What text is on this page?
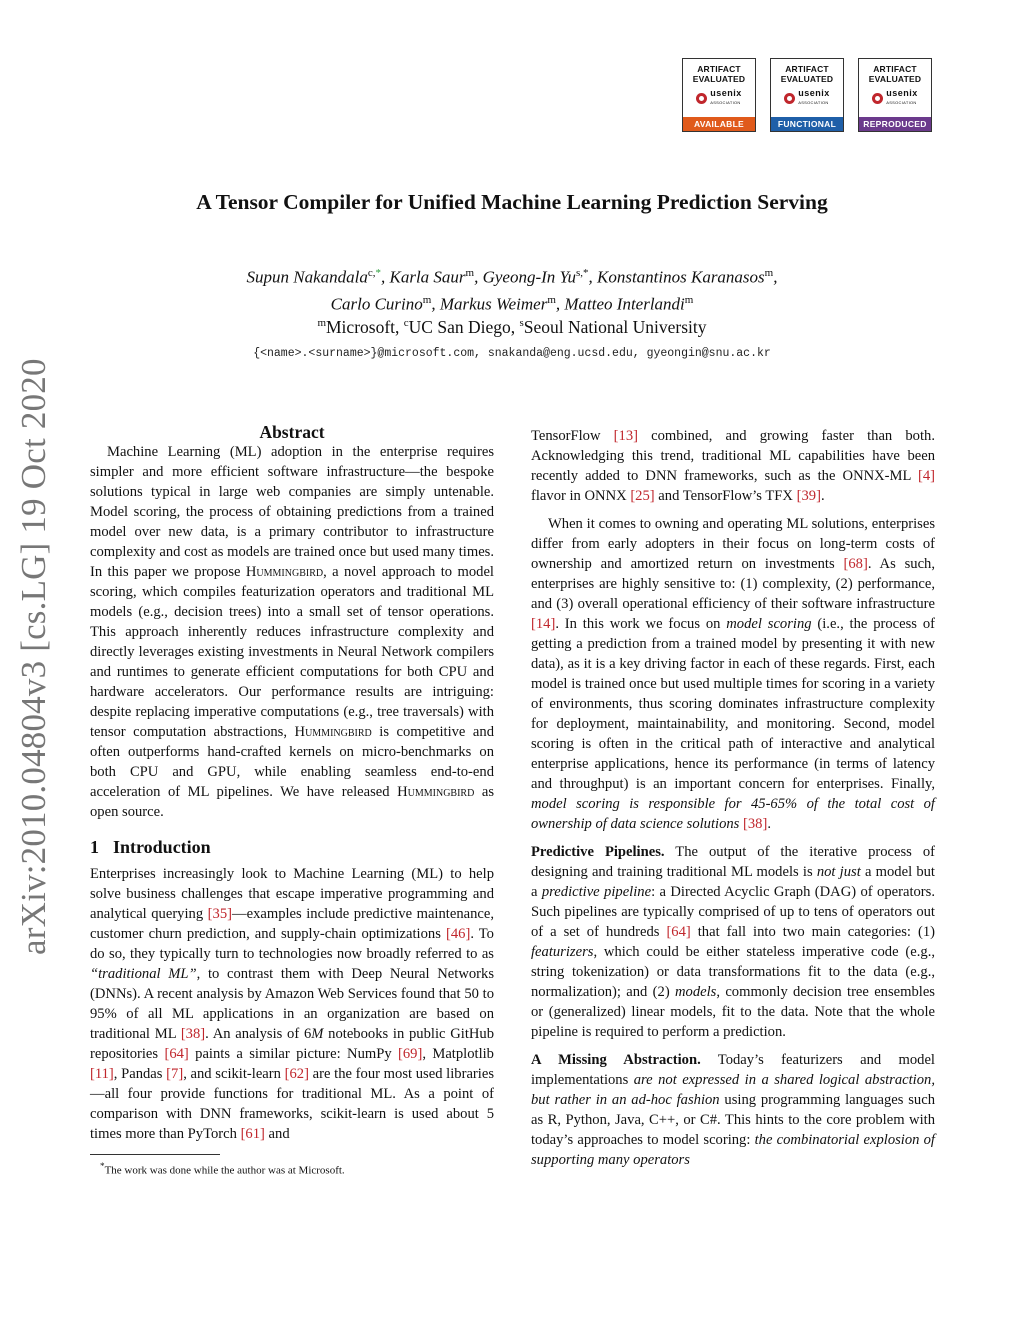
ARTIFACT
EVALUATED
usenix
ASSOCIATION
AVAILABLE
ARTIFACT
EVALUATED
usenix
ASSOCIATION
FUNCTIONAL
ARTIFACT
EVALUATED
usenix
ASSOCIATION
REPRODUCED
arXiv:2010.04804v3 [cs.LG] 19 Oct 2020
A Tensor Compiler for Unified Machine Learning Prediction Serving
Supun Nakandala$^{c,*}$, Karla Saur$^m$, Gyeong-In $Yu^{s,*}$, Konstantinos Karanasos$^m$,
Carlo Curino$^m$, Markus Weimer$^m$, Matteo Interlandi$^m$
$^m$Microsoft, $^c$UC San Diego, $^s$Seoul National University
{<name>.<surname>}@microsoft.com, snakanda@eng.ucsd.edu, gyeongin@snu.ac.kr
Abstract

Machine Learning (ML) adoption in the enterprise requires simpler and more efficient software infrastructure—the bespoke solutions typical in large web companies are simply untenable. Model scoring, the process of obtaining predictions from a trained model over new data, is a primary contributor to infrastructure complexity and cost as models are trained once but used many times. In this paper we propose Hummingbird, a novel approach to model scoring, which compiles featurization operators and traditional ML models (e.g., decision trees) into a small set of tensor operations. This approach inherently reduces infrastructure complexity and directly leverages existing investments in Neural Network compilers and runtimes to generate efficient computations for both CPU and hardware accelerators. Our performance results are intriguing: despite replacing imperative computations (e.g., tree traversals) with tensor computation abstractions, Hummingbird is competitive and often outperforms hand-crafted kernels on micro-benchmarks on both CPU and GPU, while enabling seamless end-to-end acceleration of ML pipelines. We have released Hummingbird as open source.

1 Introduction

Enterprises increasingly look to Machine Learning (ML) to help solve business challenges that escape imperative programming and analytical querying [35]—examples include predictive maintenance, customer churn prediction, and supply-chain optimizations [46]. To do so, they typically turn to technologies now broadly referred to as “traditional ML”, to contrast them with Deep Neural Networks (DNNs). A recent analysis by Amazon Web Services found that 50 to 95% of all ML applications in an organization are based on traditional ML [38]. An analysis of 6M notebooks in public GitHub repositories [64] paints a similar picture: NumPy [69], Matplotlib [11], Pandas [7], and scikit-learn [62] are the four most used libraries—all four provide functions for traditional ML. As a point of comparison with DNN frameworks, scikit-learn is used about 5 times more than PyTorch [61] and

*The work was done while the author was at Microsoft.

TensorFlow [13] combined, and growing faster than both. Acknowledging this trend, traditional ML capabilities have been recently added to DNN frameworks, such as the ONNX-ML [4] flavor in ONNX [25] and TensorFlow’s TFX [39].

When it comes to owning and operating ML solutions, enterprises differ from early adopters in their focus on long-term costs of ownership and amortized return on investments [68]. As such, enterprises are highly sensitive to: (1) complexity, (2) performance, and (3) overall operational efficiency of their software infrastructure [14]. In this work we focus on model scoring (i.e., the process of getting a prediction from a trained model by presenting it with new data), as it is a key driving factor in each of these regards. First, each model is trained once but used multiple times for scoring in a variety of environments, thus scoring dominates infrastructure complexity for deployment, maintainability, and monitoring. Second, model scoring is often in the critical path of interactive and analytical enterprise applications, hence its performance (in terms of latency and throughput) is an important concern for enterprises. Finally, model scoring is responsible for 45-65% of the total cost of ownership of data science solutions [38].

Predictive Pipelines. The output of the iterative process of designing and training traditional ML models is not just a model but a predictive pipeline: a Directed Acyclic Graph (DAG) of operators. Such pipelines are typically comprised of up to tens of operators out of a set of hundreds [64] that fall into two main categories: (1) featurizers, which could be either stateless imperative code (e.g., string tokenization) or data transformations fit to the data (e.g., normalization); and (2) models, commonly decision tree ensembles or (generalized) linear models, fit to the data. Note that the whole pipeline is required to perform a prediction.

A Missing Abstraction. Today’s featurizers and model implementations are not expressed in a shared logical abstraction, but rather in an ad-hoc fashion using programming languages such as R, Python, Java, C++, or C#. This hints to the core problem with today’s approaches to model scoring: the combinatorial explosion of supporting many operators
